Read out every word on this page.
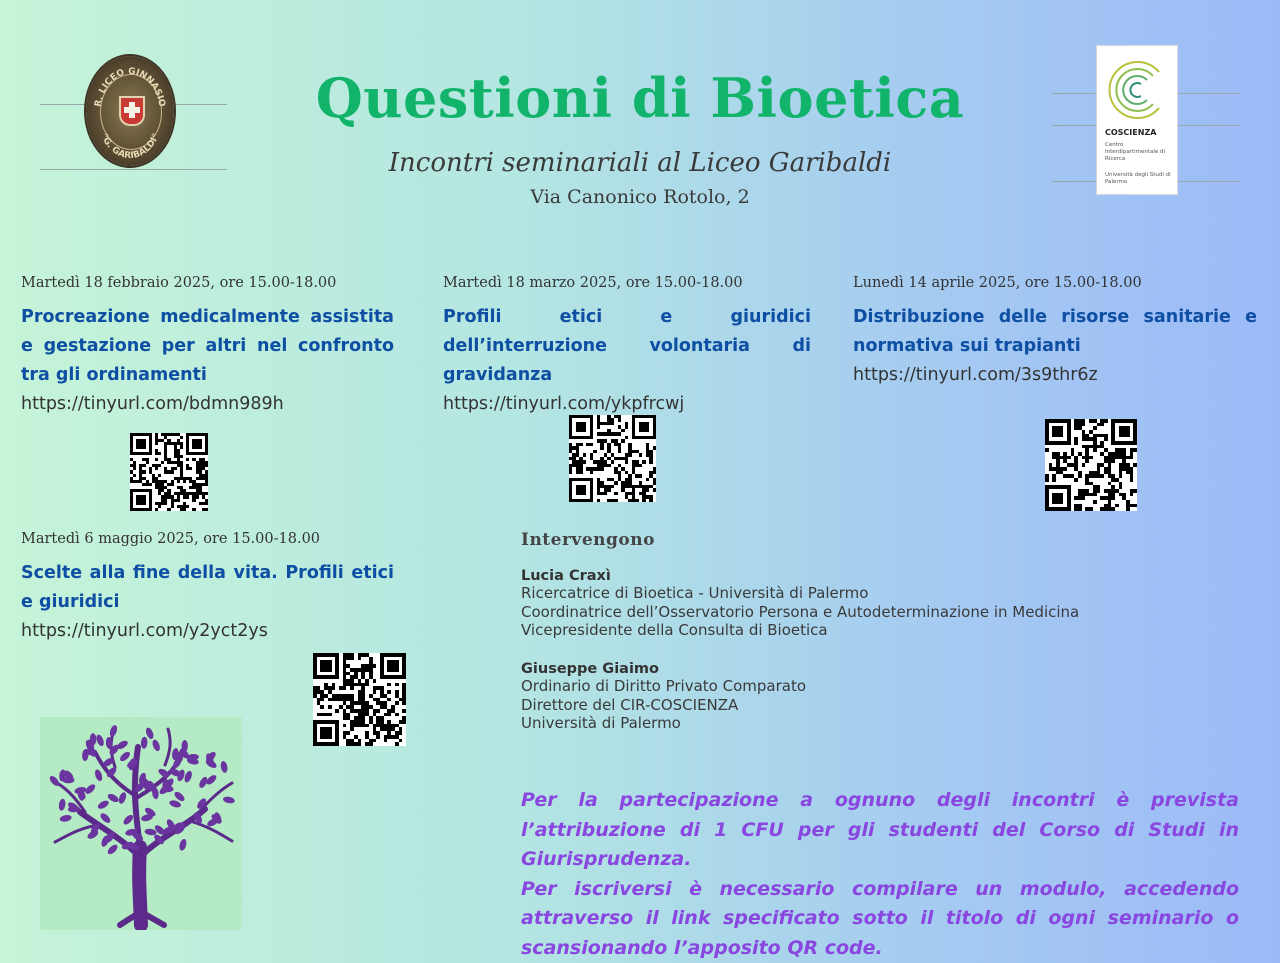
Questioni di Bioetica
Incontri seminariali al Liceo Garibaldi
Via Canonico Rotolo, 2
R. LICEO GINNASIO
"G. GARIBALDI"	COSCIENZA
Centro Interdipartimentale di Ricerca
Università degli Studi di Palermo
Martedì 18 febbraio 2025, ore 15.00-18.00
Procreazione medicalmente assistita e gestazione per altri nel confronto tra gli ordinamenti
https://tinyurl.com/bdmn989h
Martedì 18 marzo 2025, ore 15.00-18.00
Profili etici e giuridici dell’interruzione volontaria di gravidanza
https://tinyurl.com/ykpfrcwj
Lunedì 14 aprile 2025, ore 15.00-18.00
Distribuzione delle risorse sanitarie e normativa sui trapianti
https://tinyurl.com/3s9thr6z
Martedì 6 maggio 2025, ore 15.00-18.00
Scelte alla fine della vita. Profili etici e giuridici
https://tinyurl.com/y2yct2ys
Intervengono
Lucia Craxì
Ricercatrice di Bioetica - Università di Palermo
Coordinatrice dell’Osservatorio Persona e Autodeterminazione in Medicina
Vicepresidente della Consulta di Bioetica
Giuseppe Giaimo
Ordinario di Diritto Privato Comparato
Direttore del CIR-COSCIENZA
Università di Palermo

Per la partecipazione a ognuno degli incontri è prevista l’attribuzione di 1 CFU per gli studenti del Corso di Studi in Giurisprudenza.

Per iscriversi è necessario compilare un modulo, accedendo attraverso il link specificato sotto il titolo di ogni seminario o scansionando l’apposito QR code.
